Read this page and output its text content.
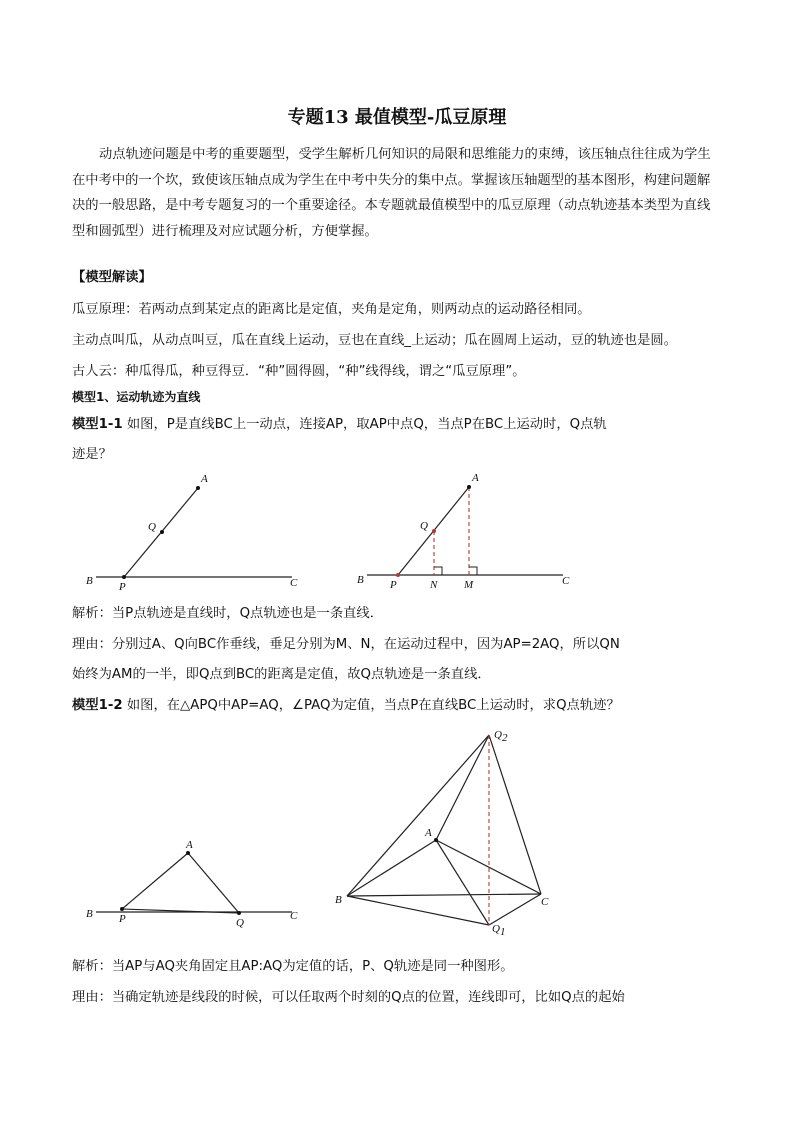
专题13 最值模型-瓜豆原理

动点轨迹问题是中考的重要题型，受学生解析几何知识的局限和思维能力的束缚，该压轴点往往成为学生在中考中的一个坎，致使该压轴点成为学生在中考中失分的集中点。掌握该压轴题型的基本图形，构建问题解决的一般思路，是中考专题复习的一个重要途径。本专题就最值模型中的瓜豆原理（动点轨迹基本类型为直线型和圆弧型）进行梳理及对应试题分析，方便掌握。

【模型解读】

瓜豆原理：若两动点到某定点的距离比是定值，夹角是定角，则两动点的运动路径相同。

主动点叫瓜，从动点叫豆，瓜在直线上运动，豆也在直线_上运动；瓜在圆周上运动，豆的轨迹也是圆。

古人云：种瓜得瓜，种豆得豆．“种”圆得圆，“种”线得线，谓之“瓜豆原理”。

模型1、运动轨迹为直线

模型1-1 如图，P是直线BC上一动点，连接AP，取AP中点Q，当点P在BC上运动时，Q点轨

迹是？

A
Q
B P	C
A
Q
B P	N M	C
A
B P	Q
C
A
B	C
Q2
Q1

解析：当P点轨迹是直线时，Q点轨迹也是一条直线．

理由：分别过A、Q向BC作垂线，垂足分别为M、N，在运动过程中，因为AP=2AQ，所以QN

始终为AM的一半，即Q点到BC的距离是定值，故Q点轨迹是一条直线．

模型1-2 如图，在△APQ中AP=AQ，∠PAQ为定值，当点P在直线BC上运动时，求Q点轨迹？

解析：当AP与AQ夹角固定且AP:AQ为定值的话，P、Q轨迹是同一种图形。

理由：当确定轨迹是线段的时候，可以任取两个时刻的Q点的位置，连线即可，比如Q点的起始
